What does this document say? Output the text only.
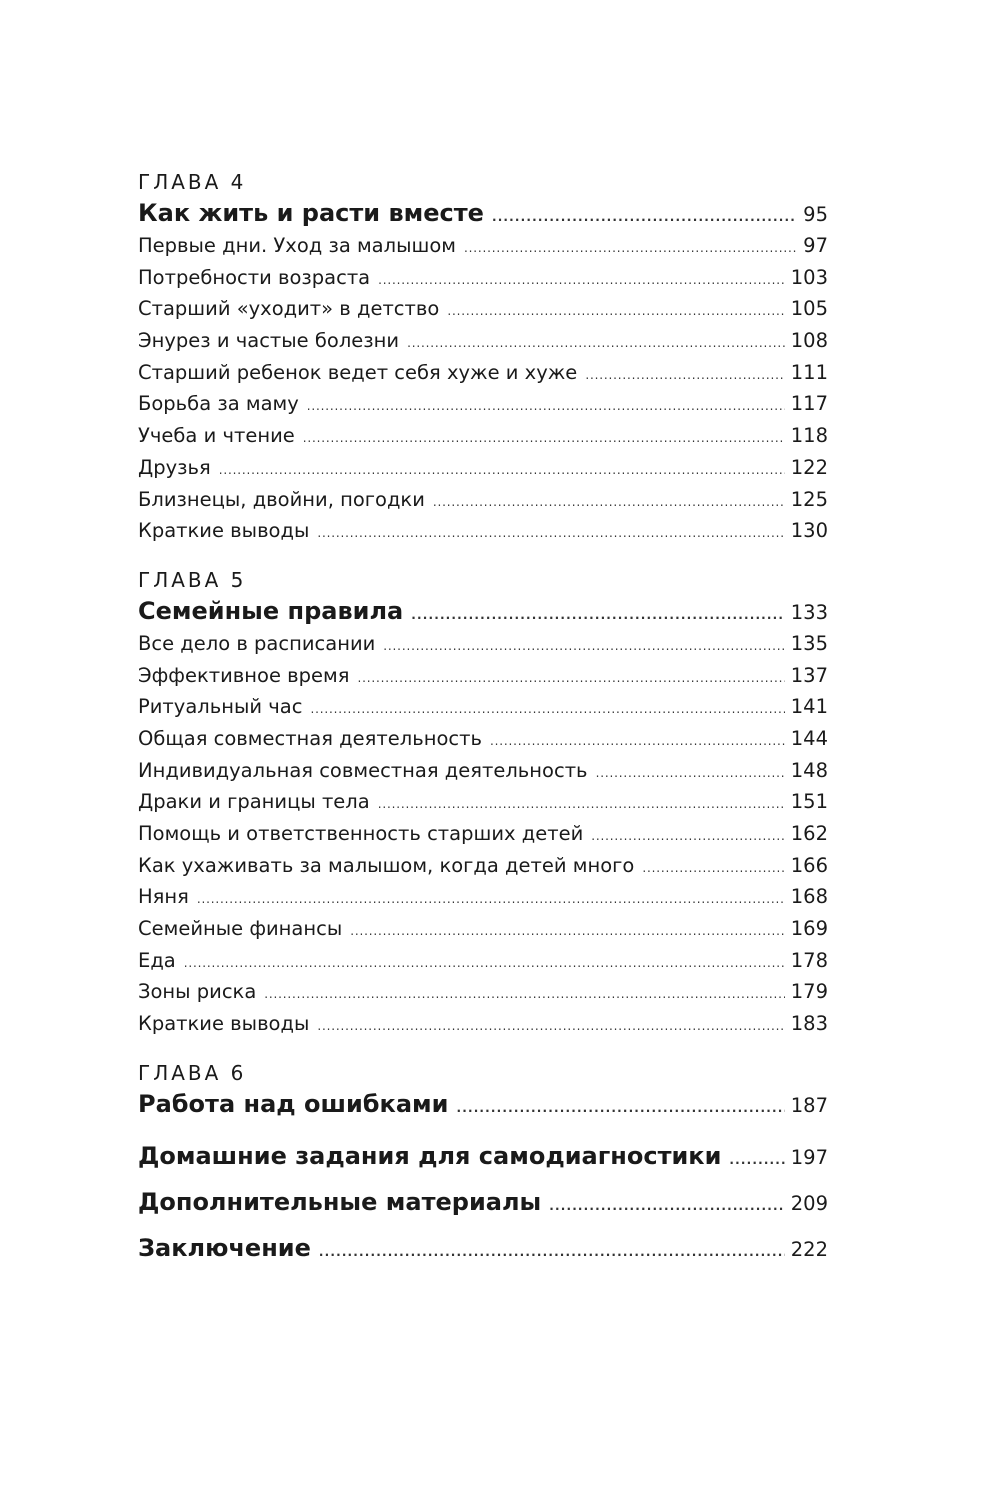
ГЛАВА 4
Как жить и расти вместе . . .	95
Первые дни. Уход за малышом . . .	97
Потребности возраста . . .	103
Старший «уходит» в детство . . .	105
Энурез и частые болезни . . .	108
Старший ребенок ведет себя хуже и хуже . . .	111
Борьба за маму . . .	117
Учеба и чтение . . .	118
Друзья . . .	122
Близнецы, двойни, погодки . . .	125
Краткие выводы . . .	130
ГЛАВА 5
Семейные правила . . .	133
Все дело в расписании . . .	135
Эффективное время . . .	137
Ритуальный час . . .	141
Общая совместная деятельность . . .	144
Индивидуальная совместная деятельность . . .	148
Драки и границы тела . . .	151
Помощь и ответственность старших детей . . .	162
Как ухаживать за малышом, когда детей много . . .	166
Няня . . .	168
Семейные финансы . . .	169
Еда . . .	178
Зоны риска . . .	179
Краткие выводы . . .	183
ГЛАВА 6
Работа над ошибками . . .	187
Домашние задания для самодиагностики . . .	197
Дополнительные материалы . . .	209
Заключение . . .	222
